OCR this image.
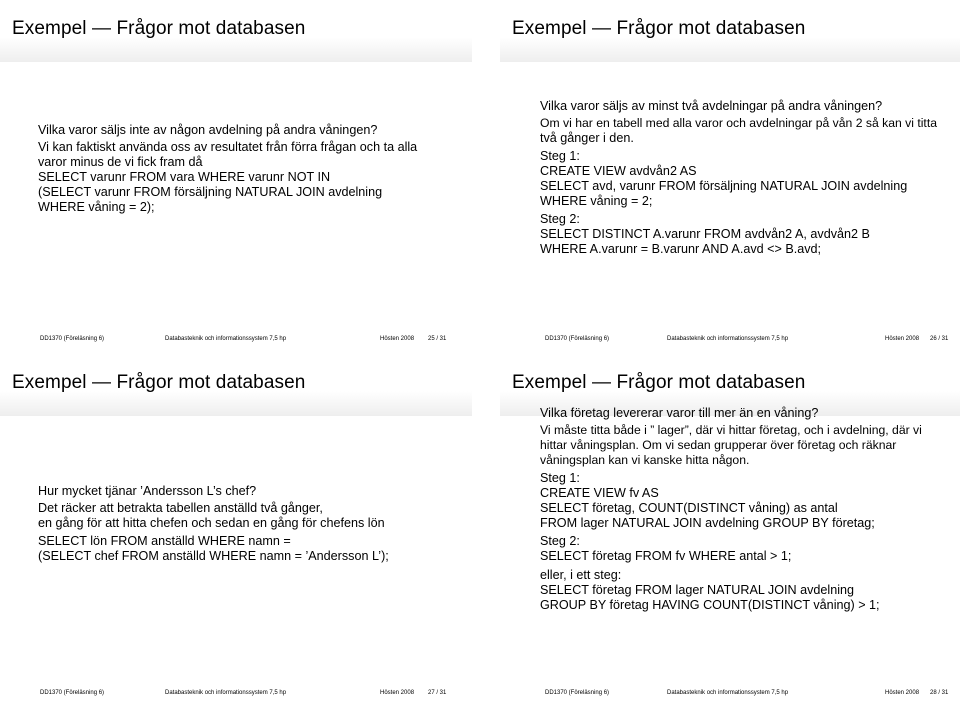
Exempel — Frågor mot databasen
Vilka varor säljs inte av någon avdelning på andra våningen?
Vi kan faktiskt använda oss av resultatet från förra frågan och ta alla
varor minus de vi fick fram då
SELECT varunr FROM vara WHERE varunr NOT IN
(SELECT varunr FROM försäljning NATURAL JOIN avdelning
WHERE våning = 2);
DD1370 (Föreläsning 6)	Databasteknik och informationssystem 7,5 hp	Hösten 2008 25 / 31
Exempel — Frågor mot databasen
Vilka varor säljs av minst två avdelningar på andra våningen?
Om vi har en tabell med alla varor och avdelningar på vån 2 så kan vi titta
två gånger i den.
Steg 1:
CREATE VIEW avdvån2 AS
SELECT avd, varunr FROM försäljning NATURAL JOIN avdelning
WHERE våning = 2;
Steg 2:
SELECT DISTINCT A.varunr FROM avdvån2 A, avdvån2 B
WHERE A.varunr = B.varunr AND A.avd <> B.avd;
DD1370 (Föreläsning 6)	Databasteknik och informationssystem 7,5 hp	Hösten 2008 26 / 31
Exempel — Frågor mot databasen
Hur mycket tjänar ’Andersson L’s chef?
Det räcker att betrakta tabellen anställd två gånger,
en gång för att hitta chefen och sedan en gång för chefens lön
SELECT lön FROM anställd WHERE namn =
(SELECT chef FROM anställd WHERE namn = ’Andersson L’);
DD1370 (Föreläsning 6)	Databasteknik och informationssystem 7,5 hp	Hösten 2008 27 / 31
Exempel — Frågor mot databasen
Vilka företag levererar varor till mer än en våning?
Vi måste titta både i ” lager”, där vi hittar företag, och i avdelning, där vi
hittar våningsplan. Om vi sedan grupperar över företag och räknar
våningsplan kan vi kanske hitta någon.
Steg 1:
CREATE VIEW fv AS
SELECT företag, COUNT(DISTINCT våning) as antal
FROM lager NATURAL JOIN avdelning GROUP BY företag;
Steg 2:
SELECT företag FROM fv WHERE antal > 1;
eller, i ett steg:
SELECT företag FROM lager NATURAL JOIN avdelning
GROUP BY företag HAVING COUNT(DISTINCT våning) > 1;
DD1370 (Föreläsning 6)	Databasteknik och informationssystem 7,5 hp	Hösten 2008 28 / 31
